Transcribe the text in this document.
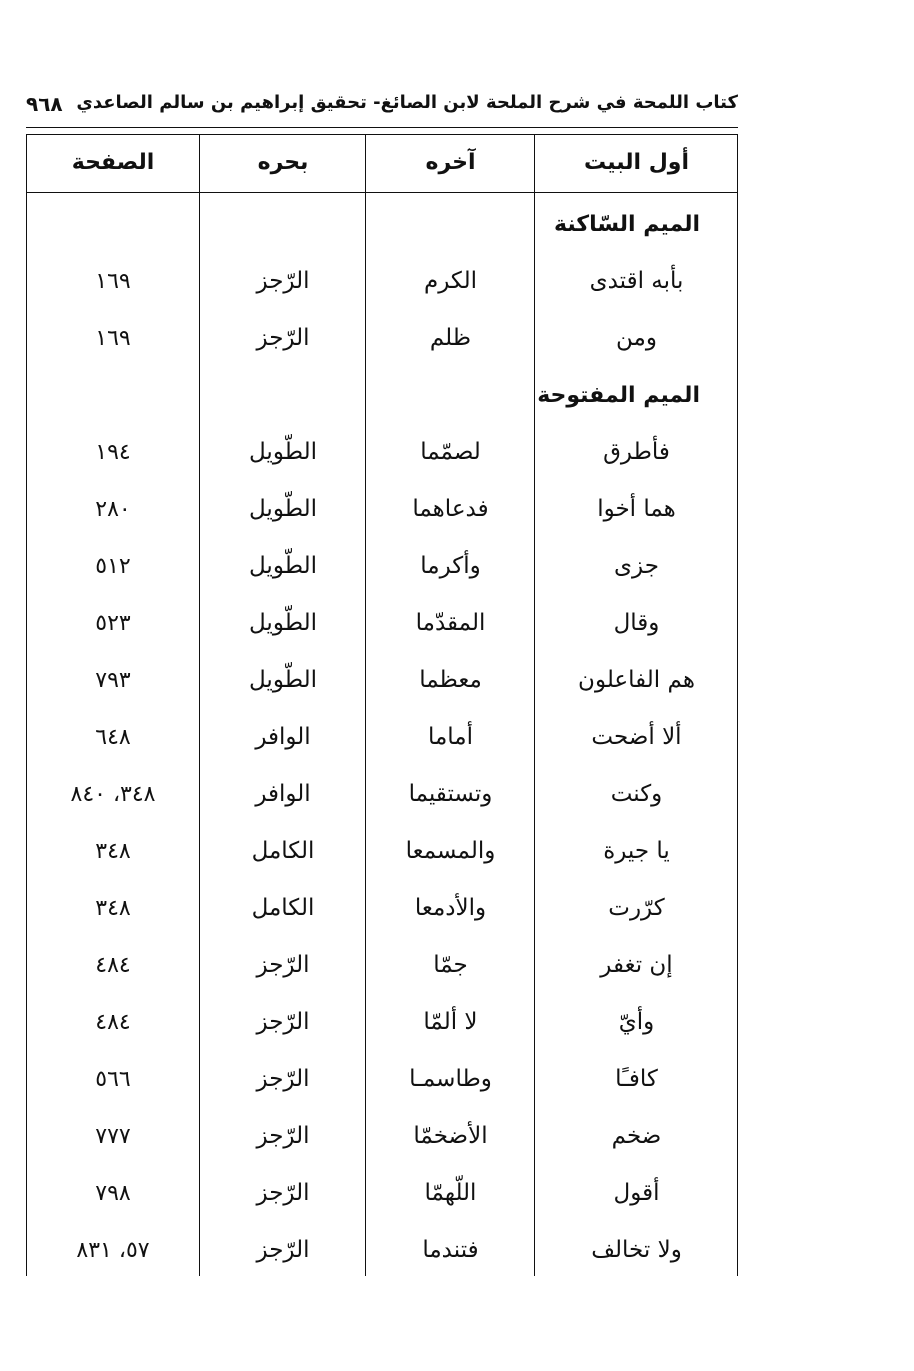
كتاب اللمحة في شرح الملحة لابن الصائغ- تحقيق إبراهيم بن سالم الصاعدي
٩٦٨
أول البيت
آخره
بحره
الصفحة
الميم السّاكنة
بأبه اقتدى
الكرم
الرّجز
١٦٩
ومن
ظلم
الرّجز
١٦٩
الميم المفتوحة
فأطرق
لصمّما
الطّويل
١٩٤
هما أخوا
فدعاهما
الطّويل
٢٨٠
جزى
وأكرما
الطّويل
٥١٢
وقال
المقدّما
الطّويل
٥٢٣
هم الفاعلون
معظما
الطّويل
٧٩٣
ألا أضحت
أماما
الوافر
٦٤٨
وكنت
وتستقيما
الوافر
٣٤٨، ٨٤٠
يا جيرة
والمسمعا
الكامل
٣٤٨
كرّرت
والأدمعا
الكامل
٣٤٨
إن تغفر
جمّا
الرّجز
٤٨٤
وأيّ
لا ألمّا
الرّجز
٤٨٤
كافـًا
وطاسمـا
الرّجز
٥٦٦
ضخم
الأضخمّا
الرّجز
٧٧٧
أقول
اللّهمّا
الرّجز
٧٩٨
ولا تخالف
فتندما
الرّجز
٥٧، ٨٣١
